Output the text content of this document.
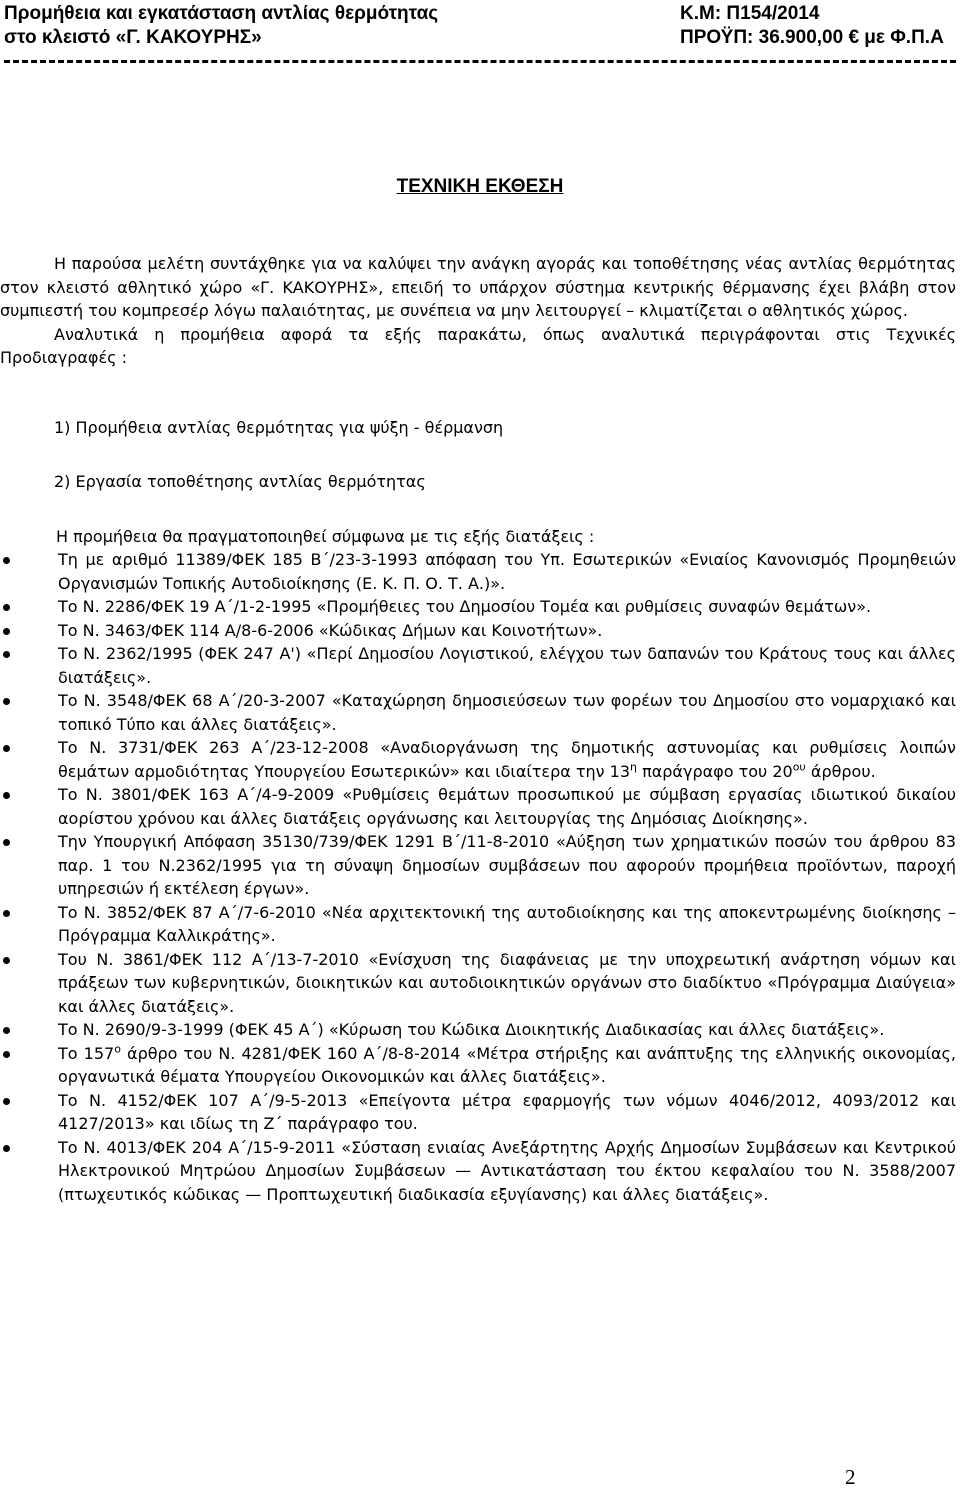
Προμήθεια και εγκατάσταση αντλίας θερμότητας
στο κλειστό «Γ. ΚΑΚΟΥΡΗΣ»
Κ.Μ: Π154/2014
ΠΡΟΫΠ: 36.900,00 € με Φ.Π.Α
ΤΕΧΝΙΚΗ ΕΚΘΕΣΗ

Η παρούσα μελέτη συντάχθηκε για να καλύψει την ανάγκη αγοράς και τοποθέτησης νέας αντλίας θερμότητας στον κλειστό αθλητικό χώρο «Γ. ΚΑΚΟΥΡΗΣ», επειδή το υπάρχον σύστημα κεντρικής θέρμανσης έχει βλάβη στον συμπιεστή του κομπρεσέρ λόγω παλαιότητας, με συνέπεια να μην λειτουργεί – κλιματίζεται ο αθλητικός χώρος.

Αναλυτικά η προμήθεια αφορά τα εξής παρακάτω, όπως αναλυτικά περιγράφονται στις Τεχνικές Προδιαγραφές :

1) Προμήθεια αντλίας θερμότητας για ψύξη - θέρμανση

2) Εργασία τοποθέτησης αντλίας θερμότητας

Η προμήθεια θα πραγματοποιηθεί σύμφωνα με τις εξής διατάξεις :

Τη με αριθμό 11389/ΦΕΚ 185 Β΄/23-3-1993 απόφαση του Υπ. Εσωτερικών «Ενιαίος Κανονισμός Προμηθειών Οργανισμών Τοπικής Αυτοδιοίκησης (Ε. Κ. Π. Ο. Τ. Α.)».
Το Ν. 2286/ΦΕΚ 19 Α΄/1-2-1995 «Προμήθειες του Δημοσίου Τομέα και ρυθμίσεις συναφών θεμάτων».
Το Ν. 3463/ΦΕΚ 114 Α/8-6-2006 «Κώδικας Δήμων και Κοινοτήτων».
Το Ν. 2362/1995 (ΦΕΚ 247 Α') «Περί Δημοσίου Λογιστικού, ελέγχου των δαπανών του Κράτους τους και άλλες διατάξεις».
Το Ν. 3548/ΦΕΚ 68 Α΄/20-3-2007 «Καταχώρηση δημοσιεύσεων των φορέων του Δημοσίου στο νομαρχιακό και τοπικό Τύπο και άλλες διατάξεις».
Το Ν. 3731/ΦΕΚ 263 Α΄/23-12-2008 «Αναδιοργάνωση της δημοτικής αστυνομίας και ρυθμίσεις λοιπών θεμάτων αρμοδιότητας Υπουργείου Εσωτερικών» και ιδιαίτερα την $13^\eta$ παράγραφο του $20^{o\upsilon}$ άρθρου.
Το Ν. 3801/ΦΕΚ 163 Α΄/4-9-2009 «Ρυθμίσεις θεμάτων προσωπικού με σύμβαση εργασίας ιδιωτικού δικαίου αορίστου χρόνου και άλλες διατάξεις οργάνωσης και λειτουργίας της Δημόσιας Διοίκησης».
Την Υπουργική Απόφαση 35130/739/ΦΕΚ 1291 Β΄/11-8-2010 «Αύξηση των χρηματικών ποσών του άρθρου 83 παρ. 1 του Ν.2362/1995 για τη σύναψη δημοσίων συμβάσεων που αφορούν προμήθεια προϊόντων, παροχή υπηρεσιών ή εκτέλεση έργων».
Το Ν. 3852/ΦΕΚ 87 Α΄/7-6-2010 «Νέα αρχιτεκτονική της αυτοδιοίκησης και της αποκεντρωμένης διοίκησης – Πρόγραμμα Καλλικράτης».
Του Ν. 3861/ΦΕΚ 112 Α΄/13-7-2010 «Ενίσχυση της διαφάνειας με την υποχρεωτική ανάρτηση νόμων και πράξεων των κυβερνητικών, διοικητικών και αυτοδιοικητικών οργάνων στο διαδίκτυο «Πρόγραμμα Διαύγεια» και άλλες διατάξεις».
Το Ν. 2690/9-3-1999 (ΦΕΚ 45 Α΄) «Κύρωση του Κώδικα Διοικητικής Διαδικασίας και άλλες διατάξεις».
Το $157^o$ άρθρο του Ν. 4281/ΦΕΚ 160 Α΄/8-8-2014 «Μέτρα στήριξης και ανάπτυξης της ελληνικής οικονομίας, οργανωτικά θέματα Υπουργείου Οικονομικών και άλλες διατάξεις».
Το Ν. 4152/ΦΕΚ 107 Α΄/9-5-2013 «Επείγοντα μέτρα εφαρμογής των νόμων 4046/2012, 4093/2012 και 4127/2013» και ιδίως τη Ζ΄ παράγραφο του.
Το Ν. 4013/ΦΕΚ 204 Α΄/15-9-2011 «Σύσταση ενιαίας Ανεξάρτητης Αρχής Δημοσίων Συμβάσεων και Κεντρικού Ηλεκτρονικού Μητρώου Δημοσίων Συμβάσεων — Αντικατάσταση του έκτου κεφαλαίου του Ν. 3588/2007 (πτωχευτικός κώδικας — Προπτωχευτική διαδικασία εξυγίανσης) και άλλες διατάξεις».
2
